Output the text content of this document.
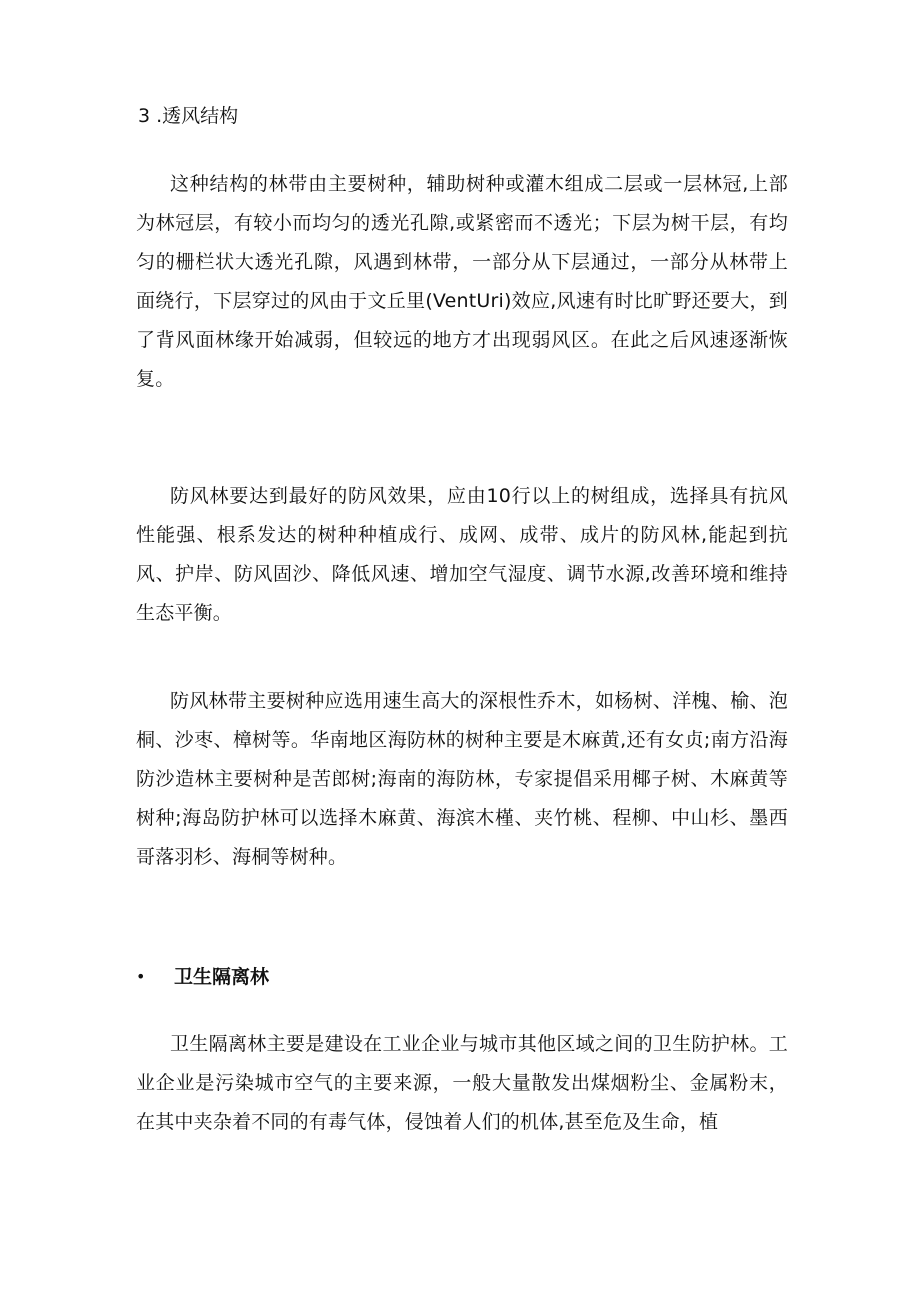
3 .透风结构

这种结构的林带由主要树种，辅助树种或灌木组成二层或一层林冠,上部为林冠层，有较小而均匀的透光孔隙,或紧密而不透光；下层为树干层，有均匀的栅栏状大透光孔隙，风遇到林带，一部分从下层通过，一部分从林带上面绕行，下层穿过的风由于文丘里(VentUri)效应,风速有时比旷野还要大，到了背风面林缘开始减弱，但较远的地方才出现弱风区。在此之后风速逐渐恢复。

防风林要达到最好的防风效果，应由10行以上的树组成，选择具有抗风性能强、根系发达的树种种植成行、成网、成带、成片的防风林,能起到抗风、护岸、防风固沙、降低风速、增加空气湿度、调节水源,改善环境和维持生态平衡。

防风林带主要树种应选用速生高大的深根性乔木，如杨树、洋槐、榆、泡桐、沙枣、樟树等。华南地区海防林的树种主要是木麻黄,还有女贞;南方沿海防沙造林主要树种是苦郎树;海南的海防林，专家提倡采用椰子树、木麻黄等树种;海岛防护林可以选择木麻黄、海滨木槿、夹竹桃、程柳、中山杉、墨西哥落羽杉、海桐等树种。

•	卫生隔离林

卫生隔离林主要是建设在工业企业与城市其他区域之间的卫生防护林。工业企业是污染城市空气的主要来源，一般大量散发出煤烟粉尘、金属粉末，在其中夹杂着不同的有毒气体，侵蚀着人们的机体,甚至危及生命，植
